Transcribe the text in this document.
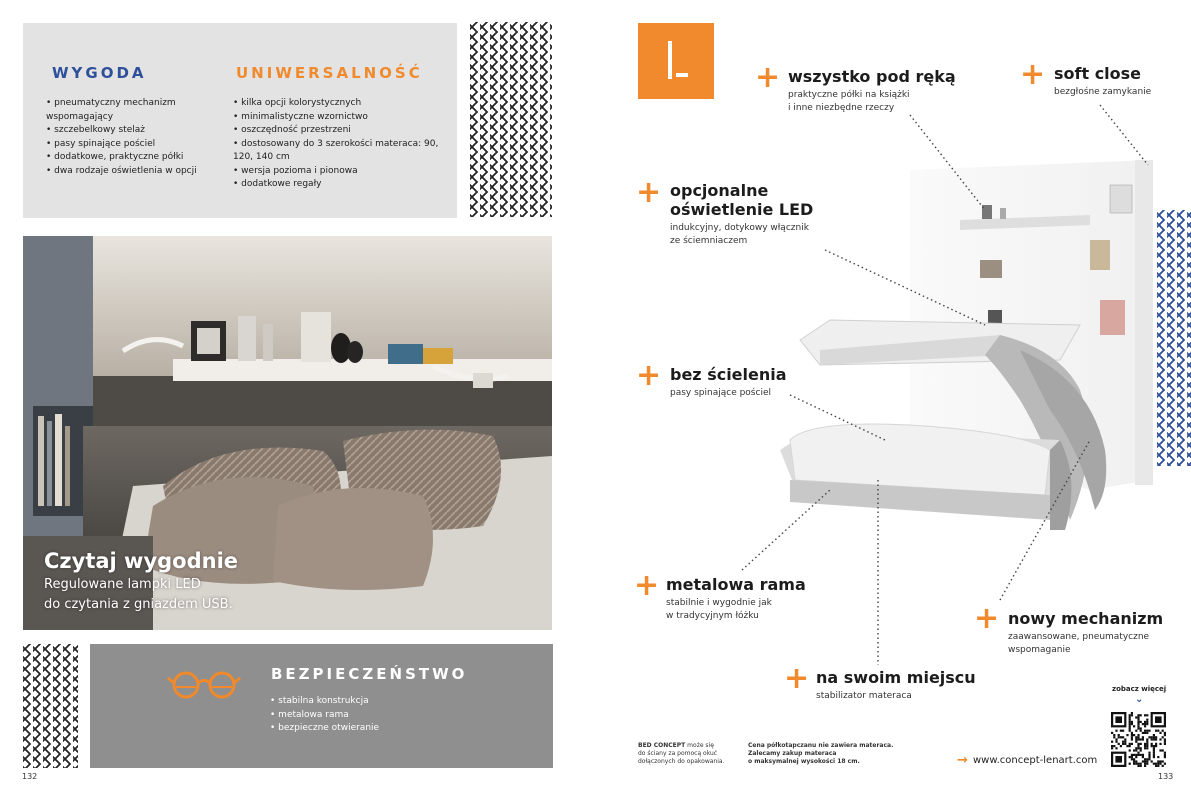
WYGODA
• pneumatyczny mechanizm wspomagający
• szczebelkowy stelaż
• pasy spinające pościel
• dodatkowe, praktyczne półki
• dwa rodzaje oświetlenia w opcji
UNIWERSALNOŚĆ
• kilka opcji kolorystycznych
• minimalistyczne wzornictwo
• oszczędność przestrzeni
• dostosowany do 3 szerokości materaca: 90, 120, 140 cm
• wersja pozioma i pionowa
• dodatkowe regały
Czytaj wygodnie
Regulowane lampki LED
do czytania z gniazdem USB.
BEZPIECZEŃSTWO
• stabilna konstrukcja
• metalowa rama
• bezpieczne otwieranie
132
+ wszystko pod ręką
praktyczne półki na książki
i inne niezbędne rzeczy
+ soft close
bezgłośne zamykanie
+ opcjonalne
oświetlenie LED
indukcyjny, dotykowy włącznik
ze ściemniaczem
+ bez ścielenia
pasy spinające pościel
+ metalowa rama
stabilnie i wygodnie jak
w tradycyjnym łóżku	+ nowy mechanizm
zaawansowane, pneumatyczne
wspomaganie
+ na swoim miejscu
stabilizator materaca
BED CONCEPT może się
do ściany za pomocą okuć
dołączonych do opakowania.
Cena półkotapczanu nie zawiera materaca.
Zalecamy zakup materaca
o maksymalnej wysokości 18 cm.	→ www.concept-lenart.com
zobacz więcej
⌄
133
